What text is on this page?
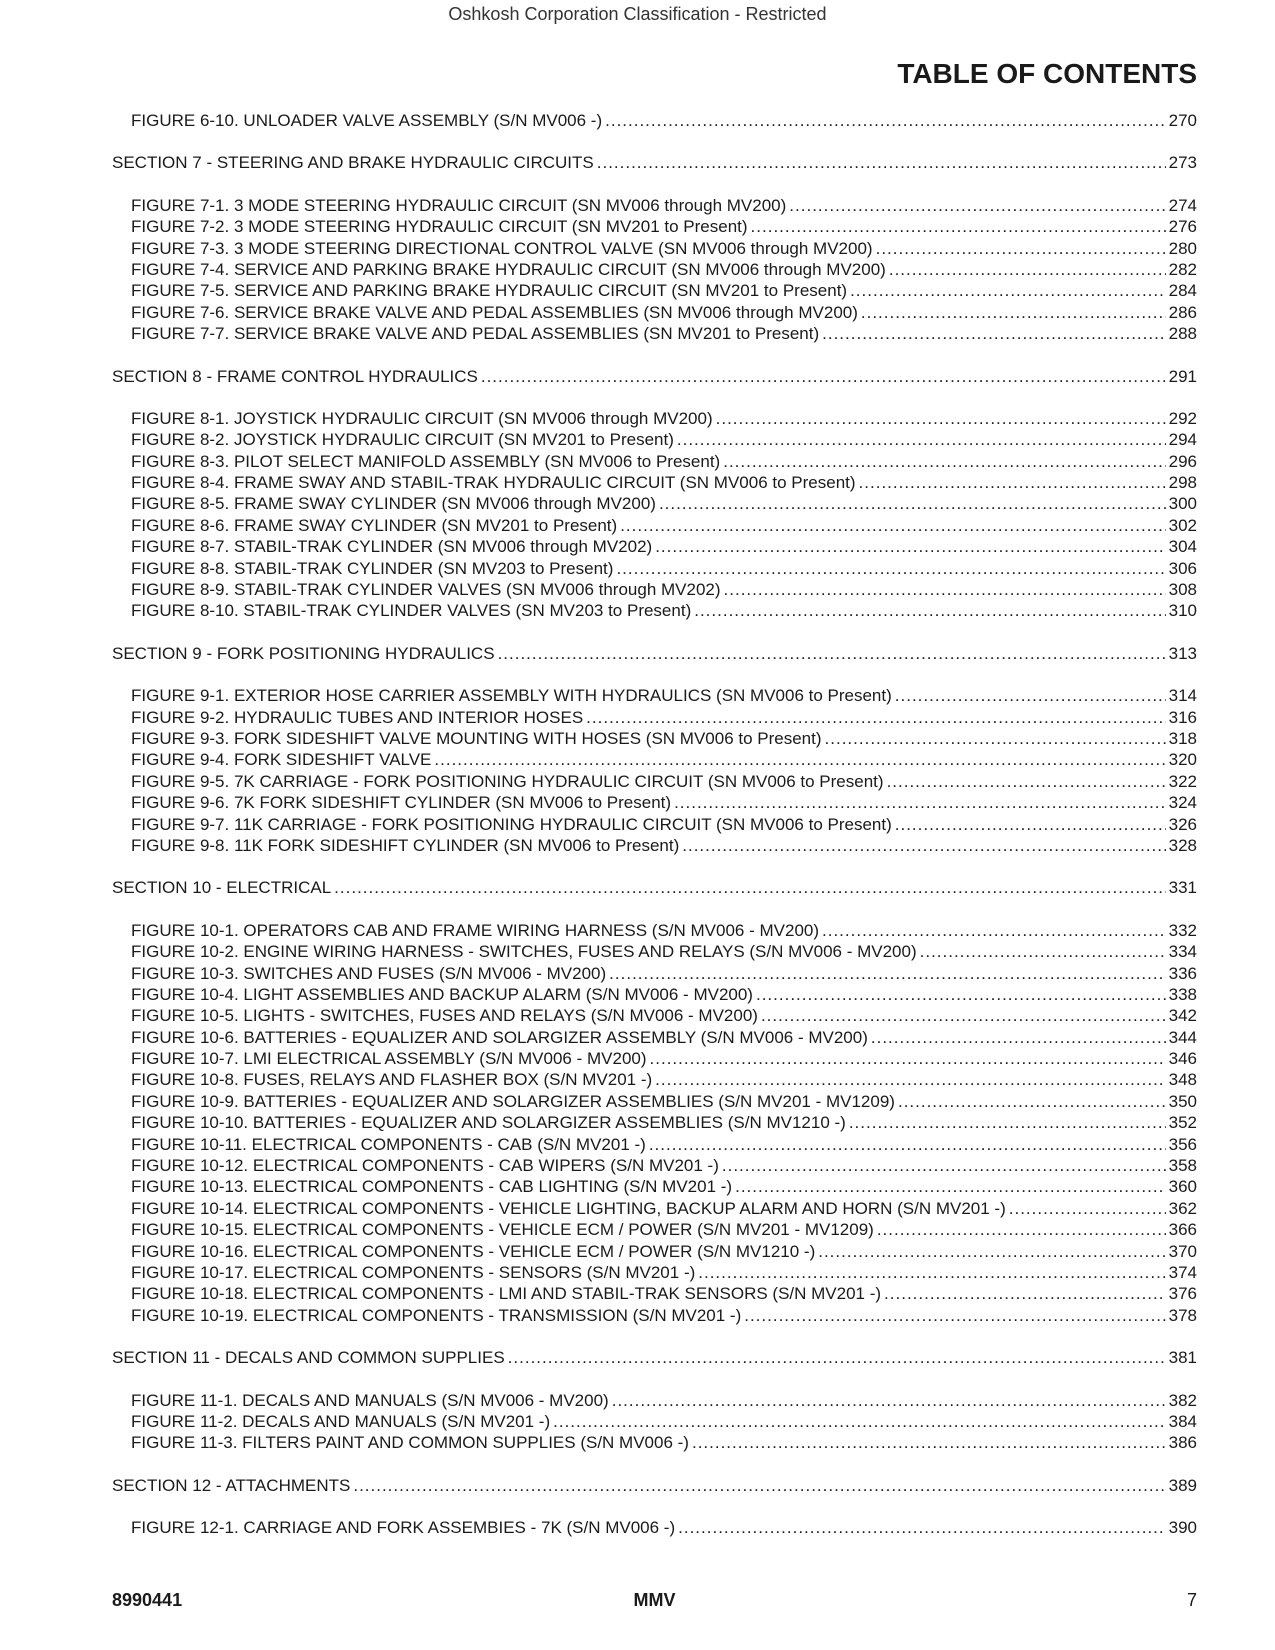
Oshkosh Corporation Classification - Restricted
TABLE OF CONTENTS
FIGURE 6-10. UNLOADER VALVE ASSEMBLY (S/N MV006 -) .....	270
SECTION 7 - STEERING AND BRAKE HYDRAULIC CIRCUITS .....	273
FIGURE 7-1. 3 MODE STEERING HYDRAULIC CIRCUIT (SN MV006 through MV200) .....	274
FIGURE 7-2. 3 MODE STEERING HYDRAULIC CIRCUIT (SN MV201 to Present) .....	276
FIGURE 7-3. 3 MODE STEERING DIRECTIONAL CONTROL VALVE (SN MV006 through MV200) .....	280
FIGURE 7-4. SERVICE AND PARKING BRAKE HYDRAULIC CIRCUIT (SN MV006 through MV200) .....	282
FIGURE 7-5. SERVICE AND PARKING BRAKE HYDRAULIC CIRCUIT (SN MV201 to Present) .....	284
FIGURE 7-6. SERVICE BRAKE VALVE AND PEDAL ASSEMBLIES (SN MV006 through MV200) .....	286
FIGURE 7-7. SERVICE BRAKE VALVE AND PEDAL ASSEMBLIES (SN MV201 to Present) .....	288
SECTION 8 - FRAME CONTROL HYDRAULICS .....	291
FIGURE 8-1. JOYSTICK HYDRAULIC CIRCUIT (SN MV006 through MV200) .....	292
FIGURE 8-2. JOYSTICK HYDRAULIC CIRCUIT (SN MV201 to Present) .....	294
FIGURE 8-3. PILOT SELECT MANIFOLD ASSEMBLY (SN MV006 to Present) .....	296
FIGURE 8-4. FRAME SWAY AND STABIL-TRAK HYDRAULIC CIRCUIT (SN MV006 to Present) .....	298
FIGURE 8-5. FRAME SWAY CYLINDER (SN MV006 through MV200) .....	300
FIGURE 8-6. FRAME SWAY CYLINDER (SN MV201 to Present) .....	302
FIGURE 8-7. STABIL-TRAK CYLINDER (SN MV006 through MV202) .....	304
FIGURE 8-8. STABIL-TRAK CYLINDER (SN MV203 to Present) .....	306
FIGURE 8-9. STABIL-TRAK CYLINDER VALVES (SN MV006 through MV202) .....	308
FIGURE 8-10. STABIL-TRAK CYLINDER VALVES (SN MV203 to Present) .....	310
SECTION 9 - FORK POSITIONING HYDRAULICS .....	313
FIGURE 9-1. EXTERIOR HOSE CARRIER ASSEMBLY WITH HYDRAULICS (SN MV006 to Present) .....	314
FIGURE 9-2. HYDRAULIC TUBES AND INTERIOR HOSES .....	316
FIGURE 9-3. FORK SIDESHIFT VALVE MOUNTING WITH HOSES (SN MV006 to Present) .....	318
FIGURE 9-4. FORK SIDESHIFT VALVE .....	320
FIGURE 9-5. 7K CARRIAGE - FORK POSITIONING HYDRAULIC CIRCUIT (SN MV006 to Present) .....	322
FIGURE 9-6. 7K FORK SIDESHIFT CYLINDER (SN MV006 to Present) .....	324
FIGURE 9-7. 11K CARRIAGE - FORK POSITIONING HYDRAULIC CIRCUIT (SN MV006 to Present) .....	326
FIGURE 9-8. 11K FORK SIDESHIFT CYLINDER (SN MV006 to Present) .....	328
SECTION 10 - ELECTRICAL .....	331
FIGURE 10-1. OPERATORS CAB AND FRAME WIRING HARNESS (S/N MV006 - MV200) .....	332
FIGURE 10-2. ENGINE WIRING HARNESS - SWITCHES, FUSES AND RELAYS (S/N MV006 - MV200) .....	334
FIGURE 10-3. SWITCHES AND FUSES (S/N MV006 - MV200) .....	336
FIGURE 10-4. LIGHT ASSEMBLIES AND BACKUP ALARM (S/N MV006 - MV200) .....	338
FIGURE 10-5. LIGHTS - SWITCHES, FUSES AND RELAYS (S/N MV006 - MV200) .....	342
FIGURE 10-6. BATTERIES - EQUALIZER AND SOLARGIZER ASSEMBLY (S/N MV006 - MV200) .....	344
FIGURE 10-7. LMI ELECTRICAL ASSEMBLY (S/N MV006 - MV200) .....	346
FIGURE 10-8. FUSES, RELAYS AND FLASHER BOX (S/N MV201 -) .....	348
FIGURE 10-9. BATTERIES - EQUALIZER AND SOLARGIZER ASSEMBLIES (S/N MV201 - MV1209) .....	350
FIGURE 10-10. BATTERIES - EQUALIZER AND SOLARGIZER ASSEMBLIES (S/N MV1210 -) .....	352
FIGURE 10-11. ELECTRICAL COMPONENTS - CAB (S/N MV201 -) .....	356
FIGURE 10-12. ELECTRICAL COMPONENTS - CAB WIPERS (S/N MV201 -) .....	358
FIGURE 10-13. ELECTRICAL COMPONENTS - CAB LIGHTING (S/N MV201 -) .....	360
FIGURE 10-14. ELECTRICAL COMPONENTS - VEHICLE LIGHTING, BACKUP ALARM AND HORN (S/N MV201 -) .....	362
FIGURE 10-15. ELECTRICAL COMPONENTS - VEHICLE ECM / POWER (S/N MV201 - MV1209) .....	366
FIGURE 10-16. ELECTRICAL COMPONENTS - VEHICLE ECM / POWER (S/N MV1210 -) .....	370
FIGURE 10-17. ELECTRICAL COMPONENTS - SENSORS (S/N MV201 -) .....	374
FIGURE 10-18. ELECTRICAL COMPONENTS - LMI AND STABIL-TRAK SENSORS (S/N MV201 -) .....	376
FIGURE 10-19. ELECTRICAL COMPONENTS - TRANSMISSION (S/N MV201 -) .....	378
SECTION 11 - DECALS AND COMMON SUPPLIES .....	381
FIGURE 11-1. DECALS AND MANUALS (S/N MV006 - MV200) .....	382
FIGURE 11-2. DECALS AND MANUALS (S/N MV201 -) .....	384
FIGURE 11-3. FILTERS PAINT AND COMMON SUPPLIES (S/N MV006 -) .....	386
SECTION 12 - ATTACHMENTS .....	389
FIGURE 12-1. CARRIAGE AND FORK ASSEMBIES - 7K (S/N MV006 -) .....	390
8990441	MMV	7
